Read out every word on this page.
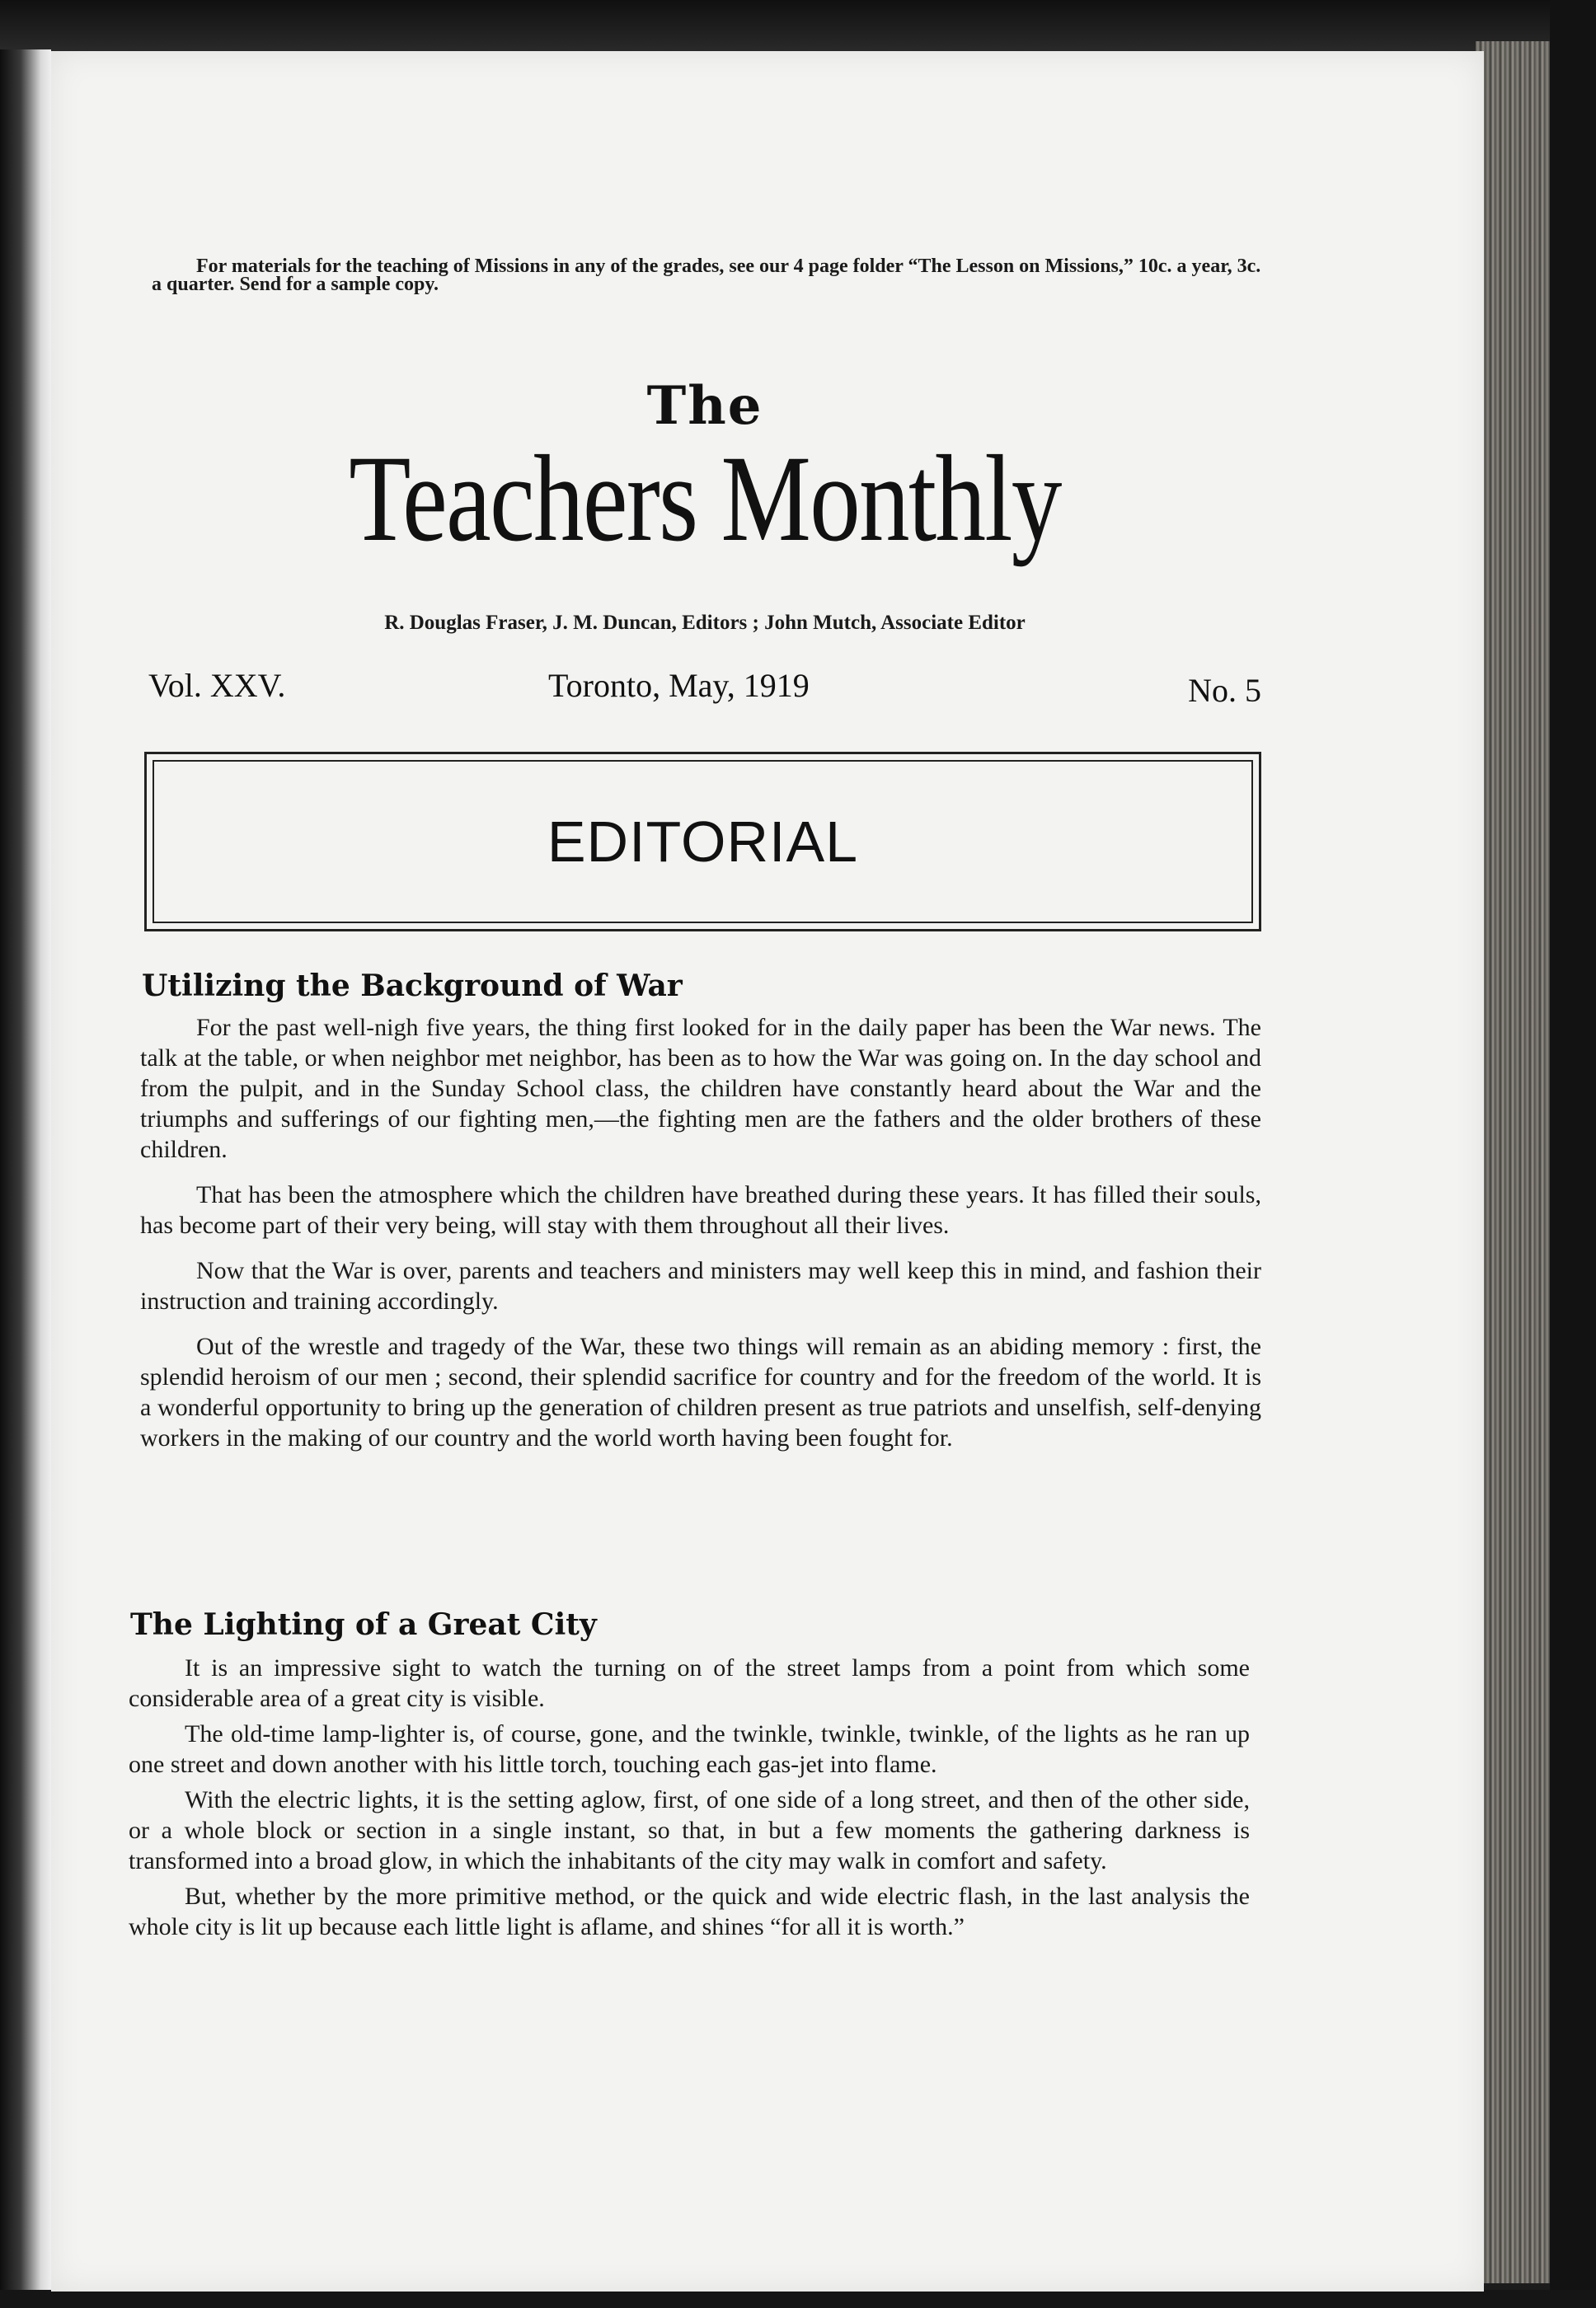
For materials for the teaching of Missions in any of the grades, see our 4 page folder “The Lesson on Missions,” 10c. a year, 3c. a quarter. Send for a sample copy.
The
Teachers Monthly
R. Douglas Fraser, J. M. Duncan, Editors ; John Mutch, Associate Editor
Vol. XXV.	Toronto, May, 1919	No. 5
EDITORIAL
Utilizing the Background of War

For the past well-nigh five years, the thing first looked for in the daily paper has been the War news. The talk at the table, or when neighbor met neighbor, has been as to how the War was going on. In the day school and from the pulpit, and in the Sunday School class, the children have constantly heard about the War and the triumphs and sufferings of our fighting men,—the fighting men are the fathers and the older brothers of these children.

That has been the atmosphere which the children have breathed during these years. It has filled their souls, has become part of their very being, will stay with them throughout all their lives.

Now that the War is over, parents and teachers and ministers may well keep this in mind, and fashion their instruction and training accordingly.

Out of the wrestle and tragedy of the War, these two things will remain as an abiding memory : first, the splendid heroism of our men ; second, their splendid sacrifice for country and for the freedom of the world. It is a wonderful opportunity to bring up the generation of children present as true patriots and unselfish, self-denying workers in the making of our country and the world worth having been fought for.

The Lighting of a Great City

It is an impressive sight to watch the turning on of the street lamps from a point from which some considerable area of a great city is visible.

The old-time lamp-lighter is, of course, gone, and the twinkle, twinkle, twinkle, of the lights as he ran up one street and down another with his little torch, touching each gas-jet into flame.

With the electric lights, it is the setting aglow, first, of one side of a long street, and then of the other side, or a whole block or section in a single instant, so that, in but a few moments the gathering darkness is transformed into a broad glow, in which the inhabitants of the city may walk in comfort and safety.

But, whether by the more primitive method, or the quick and wide electric flash, in the last analysis the whole city is lit up because each little light is aflame, and shines “for all it is worth.”
